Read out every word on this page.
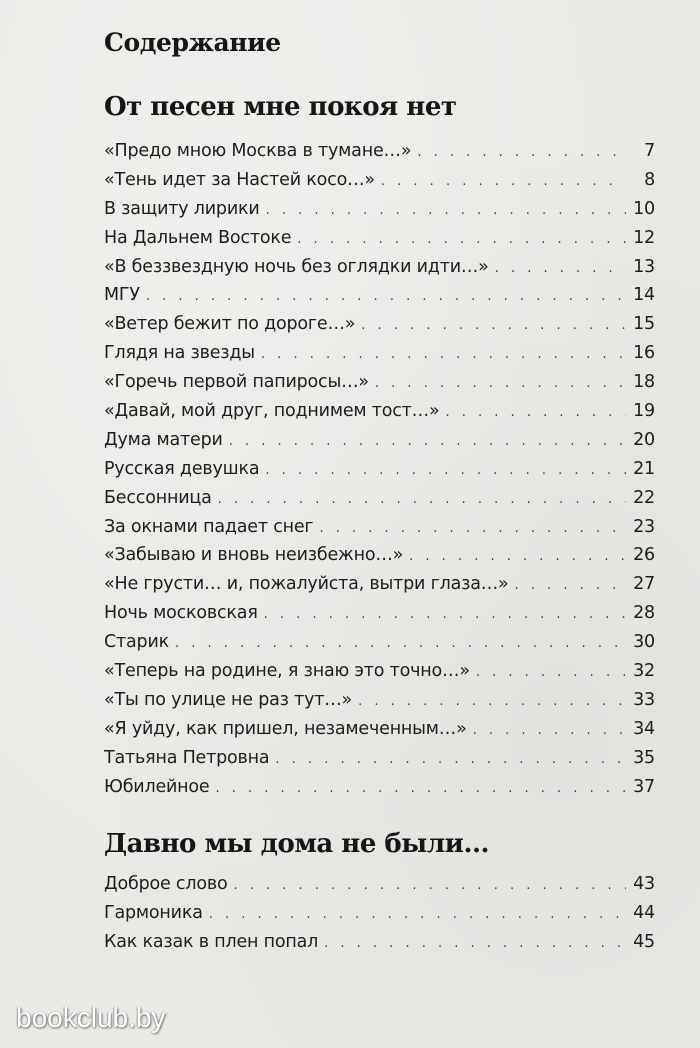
Содержание
От песен мне покоя нет
«Предо мною Москва в тумане…» . . .	7
«Тень идет за Настей косо…» . . .	8
В защиту лирики . . .	10
На Дальнем Востоке . . .	12
«В беззвездную ночь без оглядки идти…» . . .	13
МГУ . . .	14
«Ветер бежит по дороге…» . . .	15
Глядя на звезды . . .	16
«Горечь первой папиросы…» . . .	18
«Давай, мой друг, поднимем тост…» . . .	19
Дума матери . . .	20
Русская девушка . . .	21
Бессонница . . .	22
За окнами падает снег . . .	23
«Забываю и вновь неизбежно…» . . .	26
«Не грусти… и, пожалуйста, вытри глаза…» . . .	27
Ночь московская . . .	28
Старик . . .	30
«Теперь на родине, я знаю это точно…» . . .	32
«Ты по улице не раз тут…» . . .	33
«Я уйду, как пришел, незамеченным…» . . .	34
Татьяна Петровна . . .	35
Юбилейное . . .	37
Давно мы дома не были…
Доброе слово . . .	43
Гармоника . . .	44
Как казак в плен попал . . .	45
bookclub.by
